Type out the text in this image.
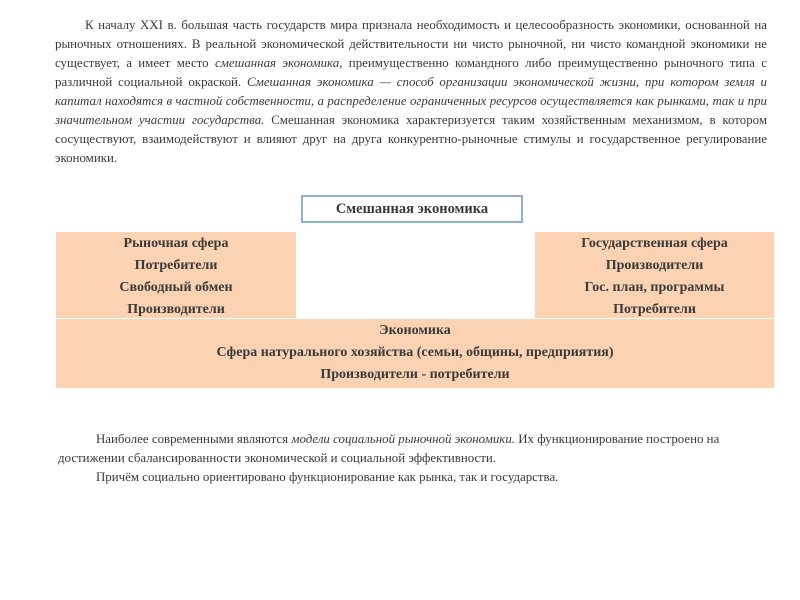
К началу XXI в. большая часть государств мира признала необходимость и целесообразность экономики, основанной на рыночных отношениях. В реальной экономической действительности ни чисто рыночной, ни чисто командной экономики не существует, а имеет место смешанная экономика, преимущественно командного либо преимущественно рыночного типа с различной социальной окраской. Смешанная экономика — способ организации экономической жизни, при котором земля и капитал находятся в частной собственности, а распределение ограниченных ресурсов осуществляется как рынками, так и при значительном участии государства. Смешанная экономика характеризуется таким хозяйственным механизмом, в котором сосуществуют, взаимодействуют и влияют друг на друга конкурентно-рыночные стимулы и государственное регулирование экономики.

Смешанная экономика
Рыночная сфера
Потребители
Свободный обмен
Производители
Государственная сфера
Производители
Гос. план, программы
Потребители
Экономика
Сфера натурального хозяйства (семьи, общины, предприятия)
Производители - потребители
Наиболее современными являются модели социальной рыночной экономики. Их функционирование построено на достижении сбалансированности экономической и социальной эффективности.
Причём социально ориентировано функционирование как рынка, так и государства.
